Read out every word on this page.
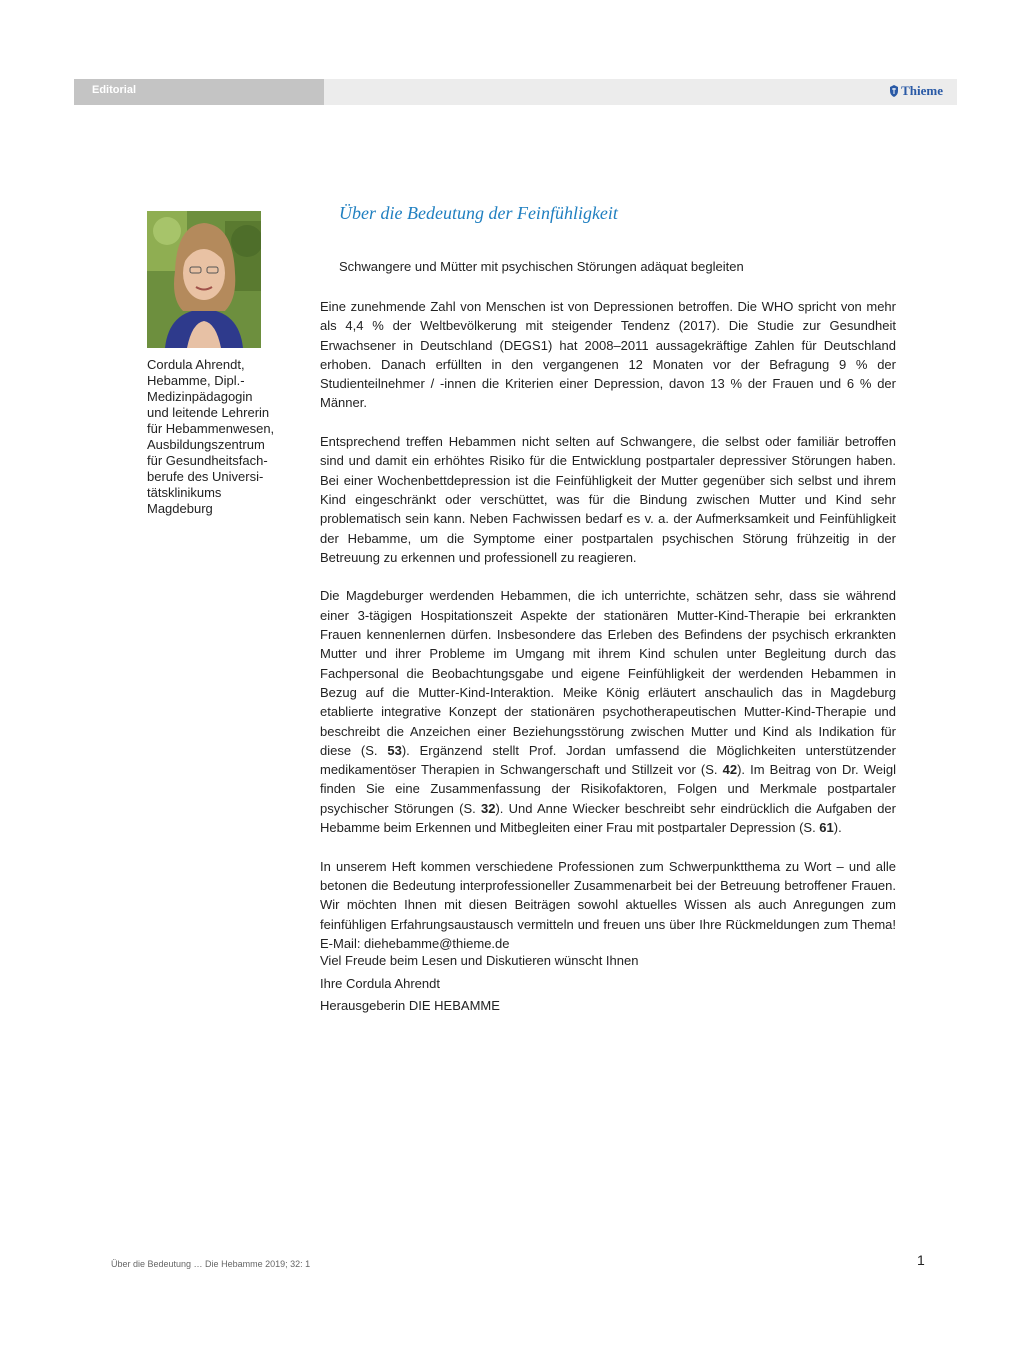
Editorial	Thieme
Cordula Ahrendt,
Hebamme, Dipl.-
Medizinpädagogin
und leitende Lehrerin
für Hebammenwesen,
Ausbildungszentrum
für Gesundheitsfach-
berufe des Universi-
tätsklinikums
Magdeburg
Über die Bedeutung der Feinfühligkeit
Schwangere und Mütter mit psychischen Störungen adäquat begleiten

Eine zunehmende Zahl von Menschen ist von Depressionen betroffen. Die WHO spricht von mehr als 4,4 % der Weltbevölkerung mit steigender Tendenz (2017). Die Studie zur Gesundheit Erwachsener in Deutschland (DEGS1) hat 2008–2011 aussagekräftige Zahlen für Deutschland erhoben. Danach erfüllten in den vergangenen 12 Monaten vor der Befragung 9 % der Studienteilnehmer / -innen die Kriterien einer Depression, davon 13 % der Frauen und 6 % der Männer.

Entsprechend treffen Hebammen nicht selten auf Schwangere, die selbst oder familiär betroffen sind und damit ein erhöhtes Risiko für die Entwicklung postpartaler depressiver Störungen haben. Bei einer Wochenbettdepression ist die Feinfühligkeit der Mutter gegenüber sich selbst und ihrem Kind eingeschränkt oder verschüttet, was für die Bindung zwischen Mutter und Kind sehr problematisch sein kann. Neben Fachwissen bedarf es v. a. der Aufmerksamkeit und Feinfühligkeit der Hebamme, um die Symptome einer postpartalen psychischen Störung frühzeitig in der Betreuung zu erkennen und professionell zu reagieren.

Die Magdeburger werdenden Hebammen, die ich unterrichte, schätzen sehr, dass sie während einer 3-tägigen Hospitationszeit Aspekte der stationären Mutter-Kind-Therapie bei erkrankten Frauen kennenlernen dürfen. Insbesondere das Erleben des Befindens der psychisch erkrankten Mutter und ihrer Probleme im Umgang mit ihrem Kind schulen unter Begleitung durch das Fachpersonal die Beobachtungsgabe und eigene Feinfühligkeit der werdenden Hebammen in Bezug auf die Mutter-Kind-Interaktion. Meike König erläutert anschaulich das in Magdeburg etablierte integrative Konzept der stationären psychotherapeutischen Mutter-Kind-Therapie und beschreibt die Anzeichen einer Beziehungsstörung zwischen Mutter und Kind als Indikation für diese (S. 53). Ergänzend stellt Prof. Jordan umfassend die Möglichkeiten unterstützender medikamentöser Therapien in Schwangerschaft und Stillzeit vor (S. 42). Im Beitrag von Dr. Weigl finden Sie eine Zusammenfassung der Risikofaktoren, Folgen und Merkmale postpartaler psychischer Störungen (S. 32). Und Anne Wiecker beschreibt sehr eindrücklich die Aufgaben der Hebamme beim Erkennen und Mitbegleiten einer Frau mit postpartaler Depression (S. 61).

In unserem Heft kommen verschiedene Professionen zum Schwerpunktthema zu Wort – und alle betonen die Bedeutung interprofessioneller Zusammenarbeit bei der Betreuung betroffener Frauen. Wir möchten Ihnen mit diesen Beiträgen sowohl aktuelles Wissen als auch Anregungen zum feinfühligen Erfahrungsaustausch vermitteln und freuen uns über Ihre Rückmeldungen zum Thema! E-Mail: diehebamme@thieme.de

Viel Freude beim Lesen und Diskutieren wünscht Ihnen
Ihre Cordula Ahrendt
Herausgeberin DIE HEBAMME
Über die Bedeutung … Die Hebamme 2019; 32: 1	1
